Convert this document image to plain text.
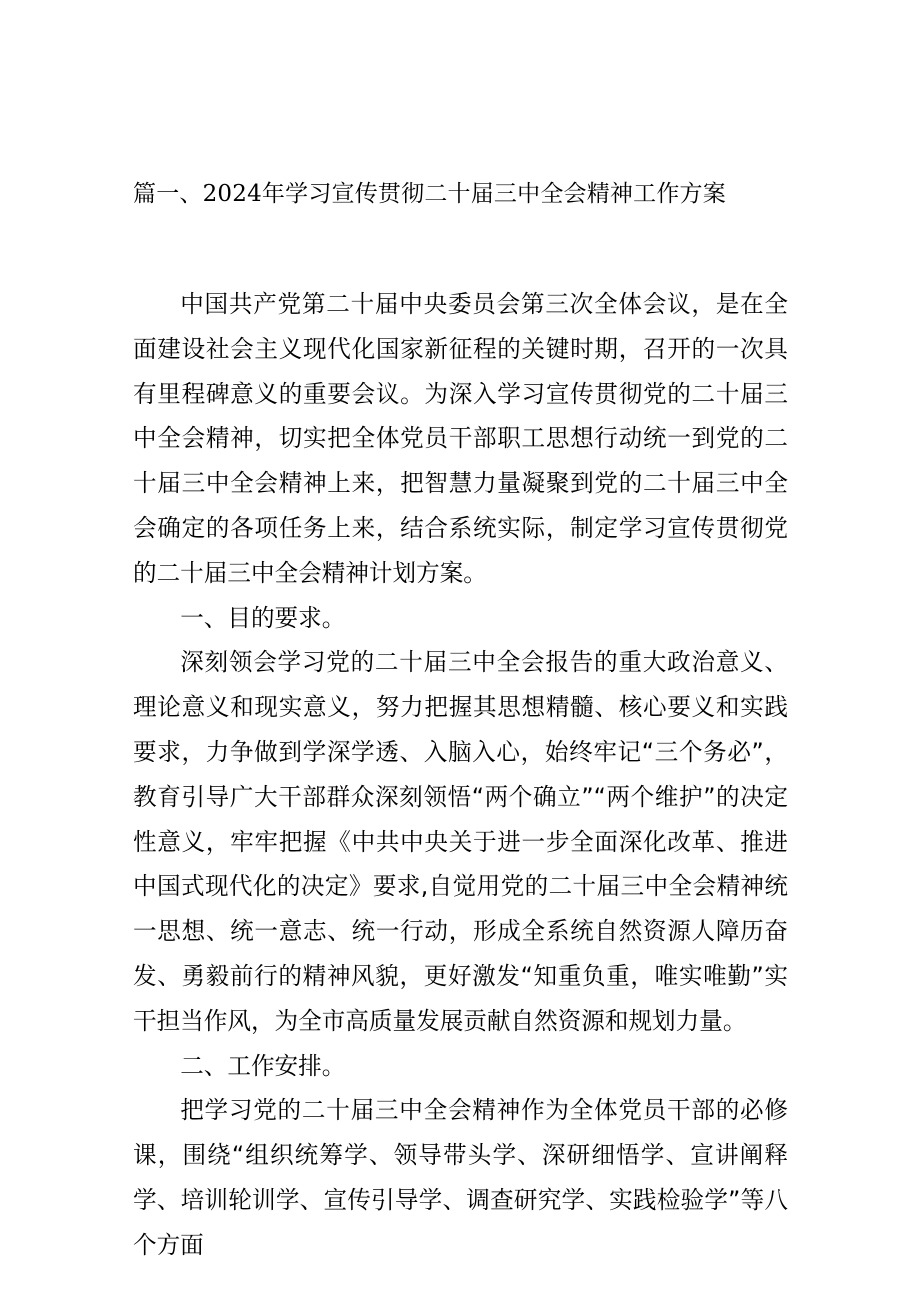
篇一、2024年学习宣传贯彻二十届三中全会精神工作方案

中国共产党第二十届中央委员会第三次全体会议，是在全面建设社会主义现代化国家新征程的关键时期，召开的一次具有里程碑意义的重要会议。为深入学习宣传贯彻党的二十届三中全会精神，切实把全体党员干部职工思想行动统一到党的二十届三中全会精神上来，把智慧力量凝聚到党的二十届三中全会确定的各项任务上来，结合系统实际，制定学习宣传贯彻党的二十届三中全会精神计划方案。

一、目的要求。

深刻领会学习党的二十届三中全会报告的重大政治意义、理论意义和现实意义，努力把握其思想精髓、核心要义和实践要求，力争做到学深学透、入脑入心，始终牢记“三个务必”，教育引导广大干部群众深刻领悟“两个确立”“两个维护”的决定性意义，牢牢把握《中共中央关于进一步全面深化改革、推进中国式现代化的决定》要求,自觉用党的二十届三中全会精神统一思想、统一意志、统一行动，形成全系统自然资源人障历奋发、勇毅前行的精神风貌，更好激发“知重负重，唯实唯勤”实干担当作风，为全市高质量发展贡献自然资源和规划力量。

二、工作安排。

把学习党的二十届三中全会精神作为全体党员干部的必修课，围绕“组织统筹学、领导带头学、深研细悟学、宣讲阐释学、培训轮训学、宣传引导学、调查研究学、实践检验学”等八个方面
